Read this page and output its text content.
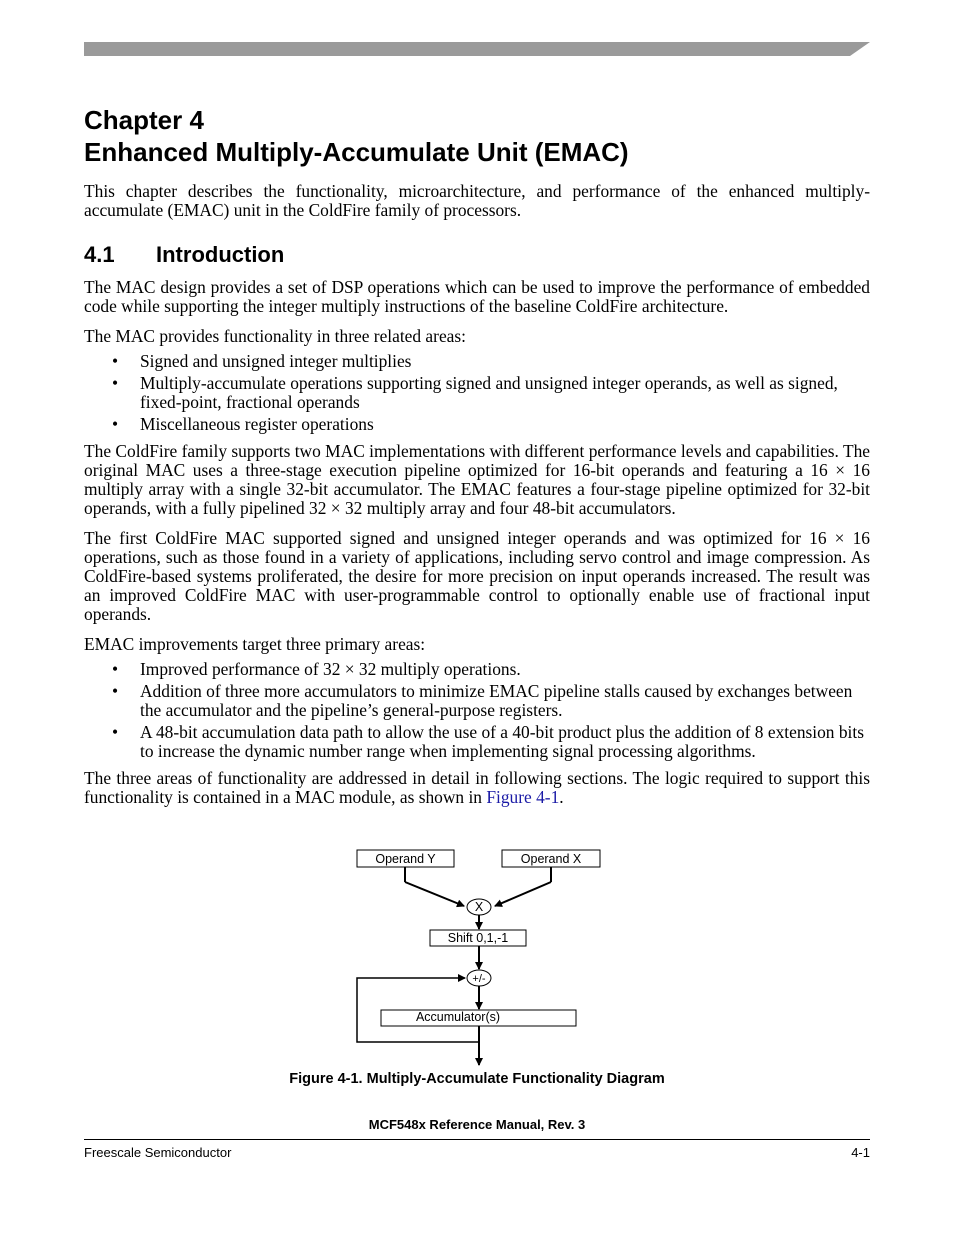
Chapter 4
Enhanced Multiply-Accumulate Unit (EMAC)

This chapter describes the functionality, microarchitecture, and performance of the enhanced multiply-accumulate (EMAC) unit in the ColdFire family of processors.

4.1	Introduction

The MAC design provides a set of DSP operations which can be used to improve the performance of embedded code while supporting the integer multiply instructions of the baseline ColdFire architecture.

The MAC provides functionality in three related areas:

• Signed and unsigned integer multiplies
• Multiply-accumulate operations supporting signed and unsigned integer operands, as well as signed, fixed-point, fractional operands
• Miscellaneous register operations

The ColdFire family supports two MAC implementations with different performance levels and capabilities. The original MAC uses a three-stage execution pipeline optimized for 16-bit operands and featuring a 16 × 16 multiply array with a single 32-bit accumulator. The EMAC features a four-stage pipeline optimized for 32-bit operands, with a fully pipelined 32 × 32 multiply array and four 48-bit accumulators.

The first ColdFire MAC supported signed and unsigned integer operands and was optimized for 16 × 16 operations, such as those found in a variety of applications, including servo control and image compression. As ColdFire-based systems proliferated, the desire for more precision on input operands increased. The result was an improved ColdFire MAC with user-programmable control to optionally enable use of fractional input operands.

EMAC improvements target three primary areas:

• Improved performance of 32 × 32 multiply operations.
• Addition of three more accumulators to minimize EMAC pipeline stalls caused by exchanges between the accumulator and the pipeline’s general-purpose registers.
• A 48-bit accumulation data path to allow the use of a 40-bit product plus the addition of 8 extension bits to increase the dynamic number range when implementing signal processing algorithms.

The three areas of functionality are addressed in detail in following sections. The logic required to support this functionality is contained in a MAC module, as shown in Figure 4-1.

Operand Y	Operand X
X
Shift 0,1,-1
+/-
Accumulator(s)
Figure 4-1. Multiply-Accumulate Functionality Diagram
MCF548x Reference Manual, Rev. 3
Freescale Semiconductor	4-1
